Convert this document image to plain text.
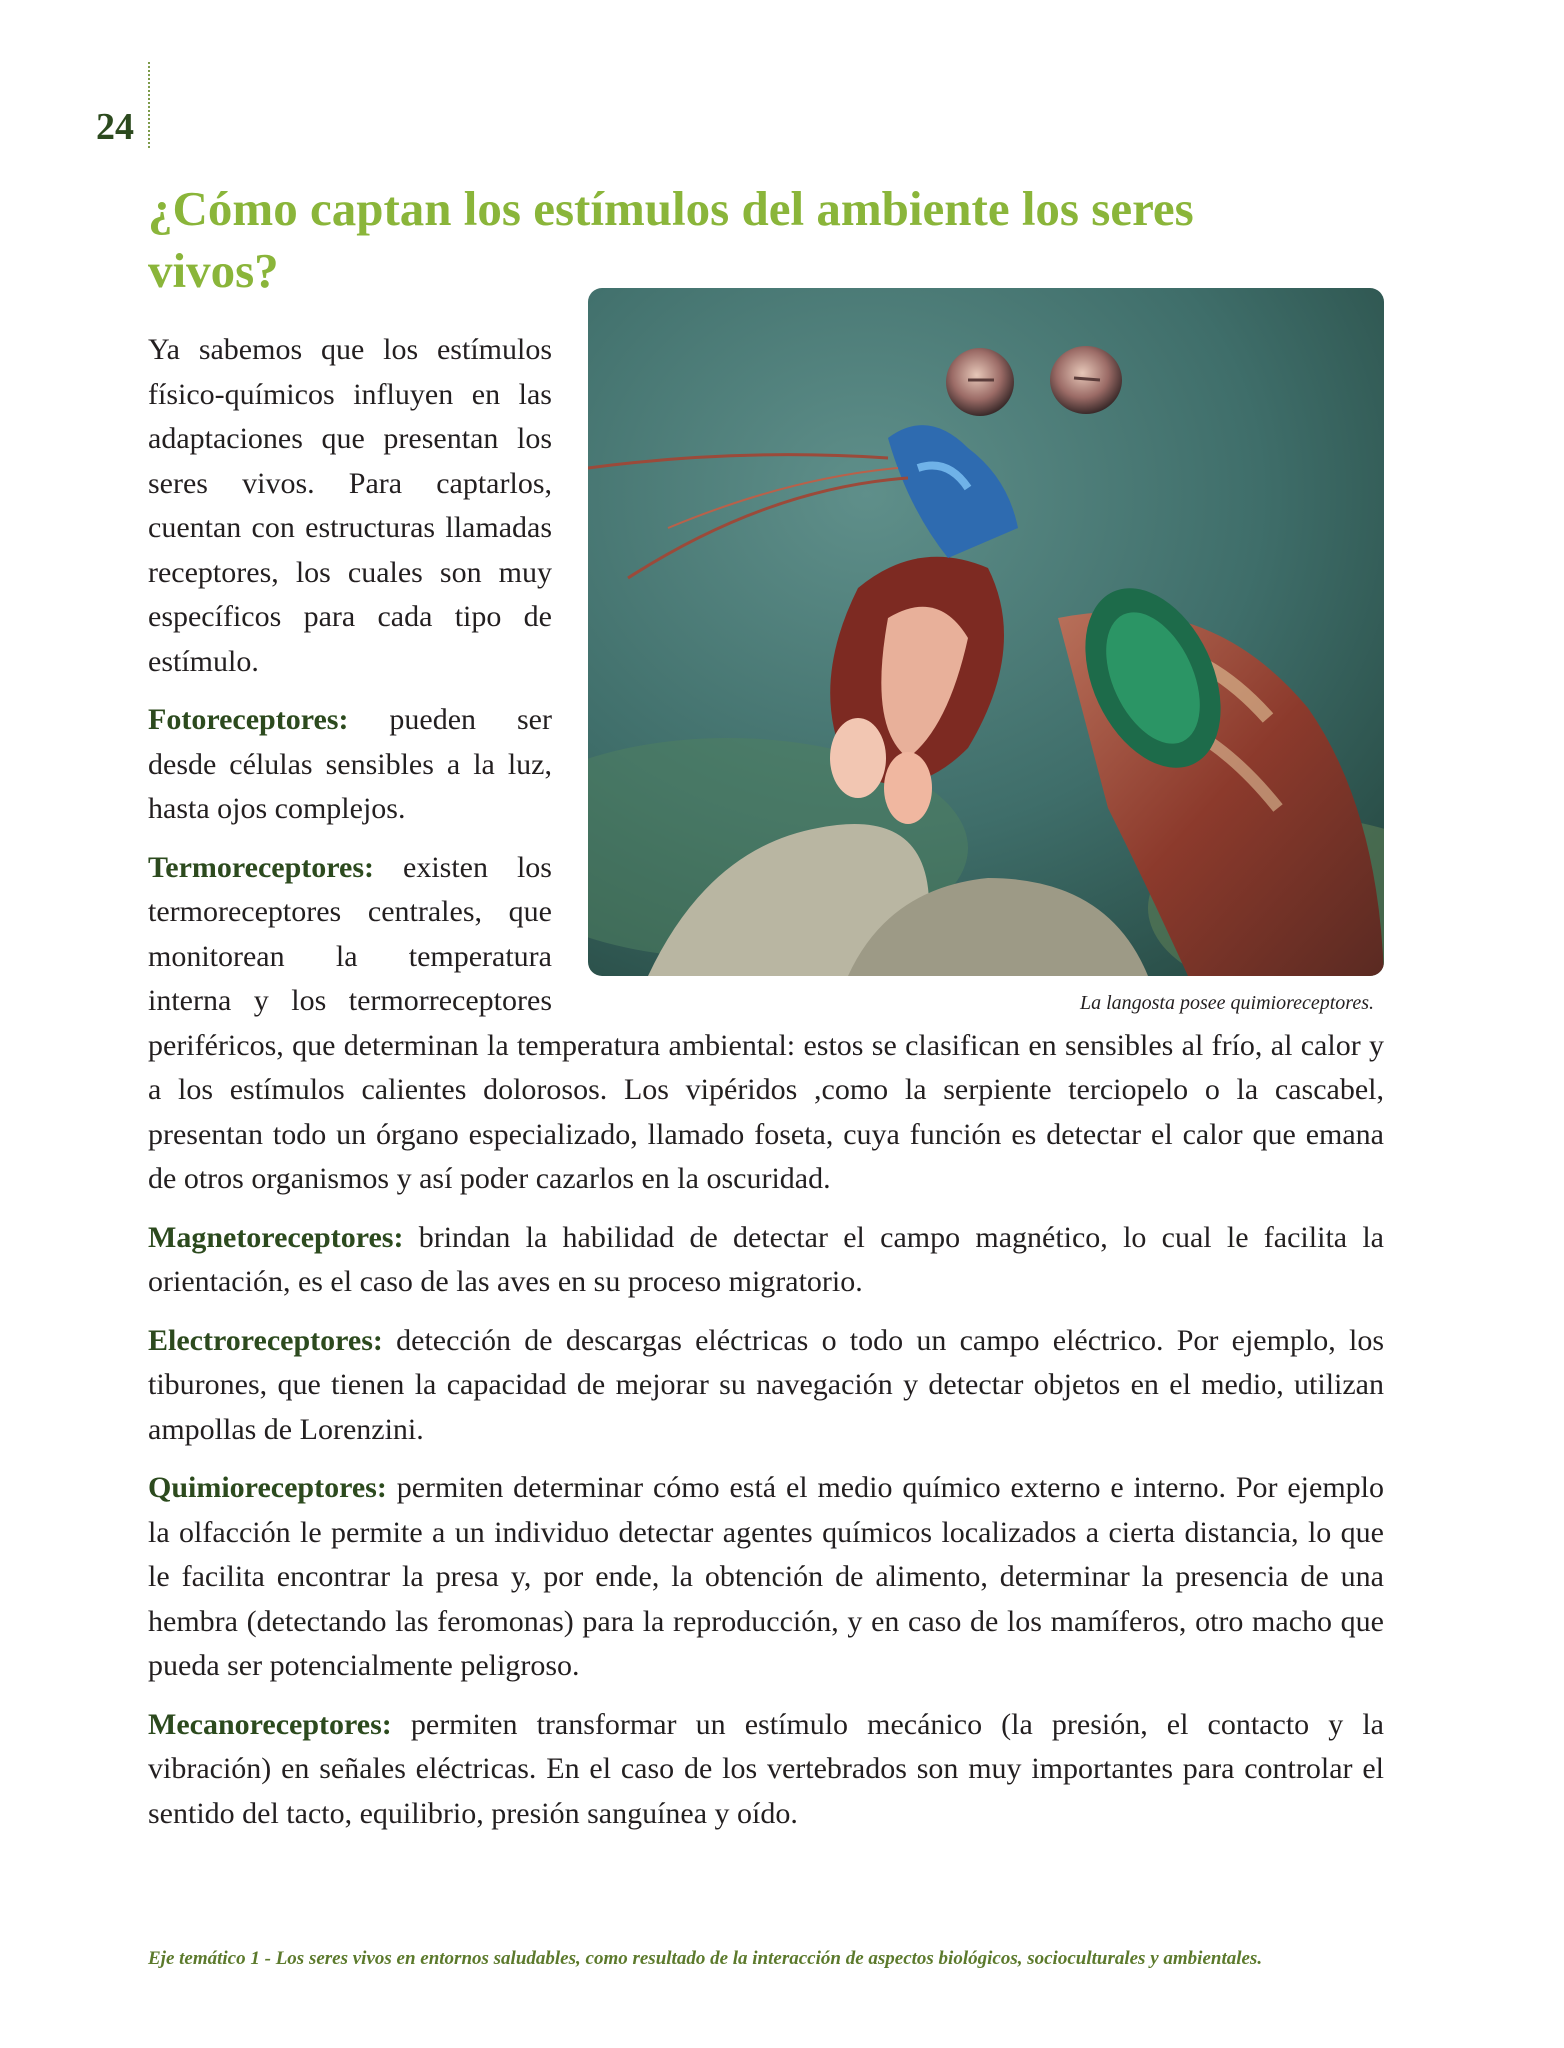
24
¿Cómo captan los estímulos del ambiente los seres vivos?
La langosta posee quimioreceptores.

Ya sabemos que los estímulos físico-químicos influyen en las adaptaciones que presentan los seres vivos. Para captarlos, cuentan con estructuras llamadas receptores, los cuales son muy específicos para cada tipo de estímulo.

Fotoreceptores: pueden ser desde células sensibles a la luz, hasta ojos complejos.

Termoreceptores: existen los termoreceptores centrales, que monitorean la temperatura interna y los termorreceptores periféricos, que determinan la temperatura ambiental: estos se clasifican en sensibles al frío, al calor y a los estímulos calientes dolorosos. Los vipéridos ,como la serpiente terciopelo o la cascabel, presentan todo un órgano especializado, llamado foseta, cuya función es detectar el calor que emana de otros organismos y así poder cazarlos en la oscuridad.

Magnetoreceptores: brindan la habilidad de detectar el campo magnético, lo cual le facilita la orientación, es el caso de las aves en su proceso migratorio.

Electroreceptores: detección de descargas eléctricas o todo un campo eléctrico. Por ejemplo, los tiburones, que tienen la capacidad de mejorar su navegación y detectar objetos en el medio, utilizan ampollas de Lorenzini.

Quimioreceptores: permiten determinar cómo está el medio químico externo e interno. Por ejemplo la olfacción le permite a un individuo detectar agentes químicos localizados a cierta distancia, lo que le facilita encontrar la presa y, por ende, la obtención de alimento, determinar la presencia de una hembra (detectando las feromonas) para la reproducción, y en caso de los mamíferos, otro macho que pueda ser potencialmente peligroso.

Mecanoreceptores: permiten transformar un estímulo mecánico (la presión, el contacto y la vibración) en señales eléctricas. En el caso de los vertebrados son muy importantes para controlar el sentido del tacto, equilibrio, presión sanguínea y oído.

Eje temático 1 - Los seres vivos en entornos saludables, como resultado de la interacción de aspectos biológicos, socioculturales y ambientales.
